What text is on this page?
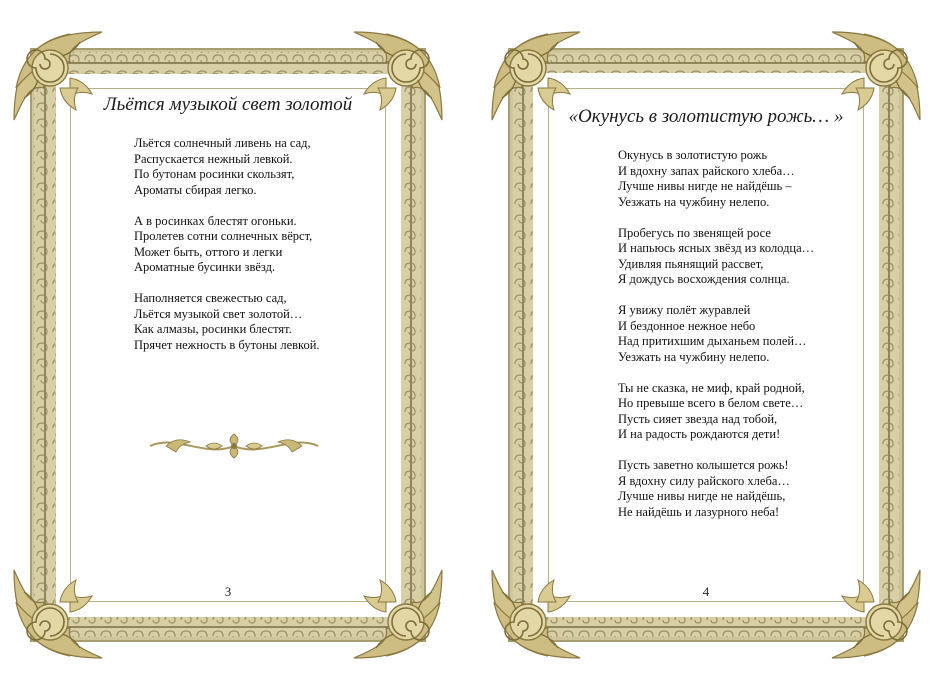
Льётся музыкой свет золотой
Льётся солнечный ливень на сад,
Распускается нежный левкой.
По бутонам росинки скользят,
Ароматы сбирая легко.
А в росинках блестят огоньки.
Пролетев сотни солнечных вёрст,
Может быть, оттого и легки
Ароматные бусинки звёзд.
Наполняется свежестью сад,
Льётся музыкой свет золотой…
Как алмазы, росинки блестят.
Прячет нежность в бутоны левкой.
3
«Окунусь в золотистую рожь… »
Окунусь в золотистую рожь
И вдохну запах райского хлеба…
Лучше нивы нигде не найдёшь –
Уезжать на чужбину нелепо.
Пробегусь по звенящей росе
И напьюсь ясных звёзд из колодца…
Удивляя пьянящий рассвет,
Я дождусь восхождения солнца.
Я увижу полёт журавлей
И бездонное нежное небо
Над притихшим дыханьем полей…
Уезжать на чужбину нелепо.
Ты не сказка, не миф, край родной,
Но превыше всего в белом свете…
Пусть сияет звезда над тобой,
И на радость рождаются дети!
Пусть заветно колышется рожь!
Я вдохну силу райского хлеба…
Лучше нивы нигде не найдёшь,
Не найдёшь и лазурного неба!
4
